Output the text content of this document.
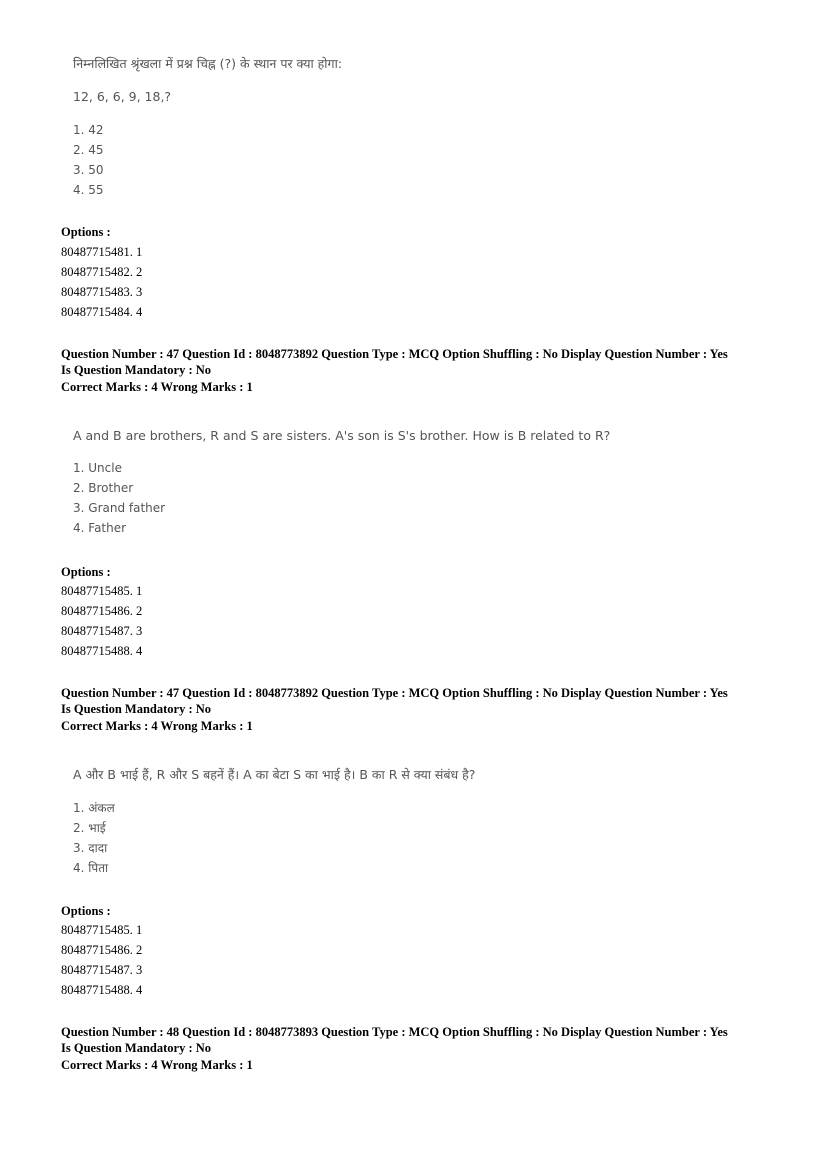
निम्नलिखित श्रृंखला में प्रश्न चिह्न (?) के स्थान पर क्या होगा:
12, 6, 6, 9, 18,?
1. 42
2. 45
3. 50
4. 55
Options :
80487715481. 1
80487715482. 2
80487715483. 3
80487715484. 4
Question Number : 47 Question Id : 8048773892 Question Type : MCQ Option Shuffling : No Display Question Number : Yes
Is Question Mandatory : No
Correct Marks : 4 Wrong Marks : 1
A and B are brothers, R and S are sisters. A's son is S's brother. How is B related to R?
1. Uncle
2. Brother
3. Grand father
4. Father
Options :
80487715485. 1
80487715486. 2
80487715487. 3
80487715488. 4
Question Number : 47 Question Id : 8048773892 Question Type : MCQ Option Shuffling : No Display Question Number : Yes
Is Question Mandatory : No
Correct Marks : 4 Wrong Marks : 1
A और B भाई हैं, R और S बहनें हैं। A का बेटा S का भाई है। B का R से क्या संबंध है?
1. अंकल
2. भाई
3. दादा
4. पिता
Options :
80487715485. 1
80487715486. 2
80487715487. 3
80487715488. 4
Question Number : 48 Question Id : 8048773893 Question Type : MCQ Option Shuffling : No Display Question Number : Yes
Is Question Mandatory : No
Correct Marks : 4 Wrong Marks : 1
